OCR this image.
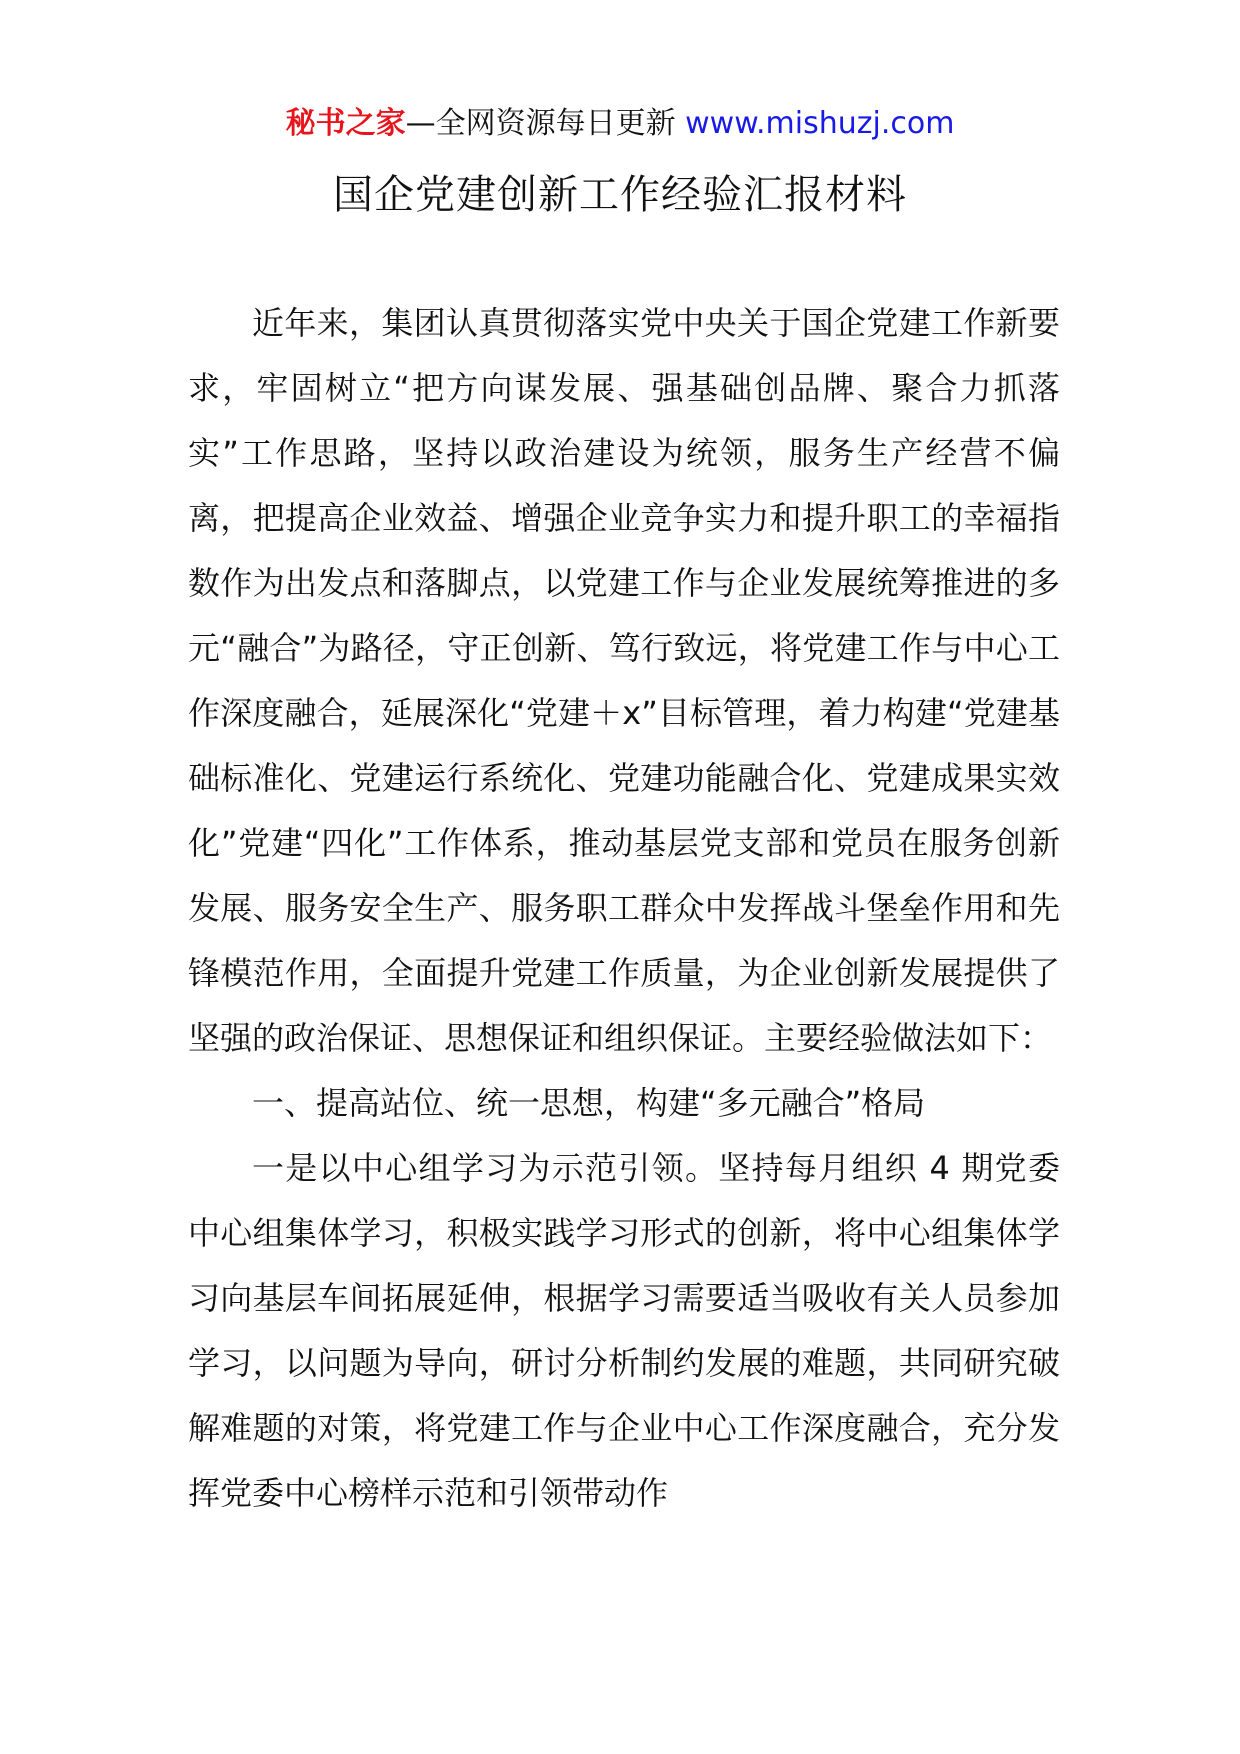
秘书之家—全网资源每日更新 www.mishuzj.com
国企党建创新工作经验汇报材料

近年来，集团认真贯彻落实党中央关于国企党建工作新要求，牢固树立“把方向谋发展、强基础创品牌、聚合力抓落实”工作思路，坚持以政治建设为统领，服务生产经营不偏离，把提高企业效益、增强企业竞争实力和提升职工的幸福指数作为出发点和落脚点，以党建工作与企业发展统筹推进的多元“融合”为路径，守正创新、笃行致远，将党建工作与中心工作深度融合，延展深化“党建＋x”目标管理，着力构建“党建基础标准化、党建运行系统化、党建功能融合化、党建成果实效化”党建“四化”工作体系，推动基层党支部和党员在服务创新发展、服务安全生产、服务职工群众中发挥战斗堡垒作用和先锋模范作用，全面提升党建工作质量，为企业创新发展提供了坚强的政治保证、思想保证和组织保证。主要经验做法如下：

一、提高站位、统一思想，构建“多元融合”格局

一是以中心组学习为示范引领。坚持每月组织 4 期党委中心组集体学习，积极实践学习形式的创新，将中心组集体学习向基层车间拓展延伸，根据学习需要适当吸收有关人员参加学习，以问题为导向，研讨分析制约发展的难题，共同研究破解难题的对策，将党建工作与企业中心工作深度融合，充分发挥党委中心榜样示范和引领带动作
